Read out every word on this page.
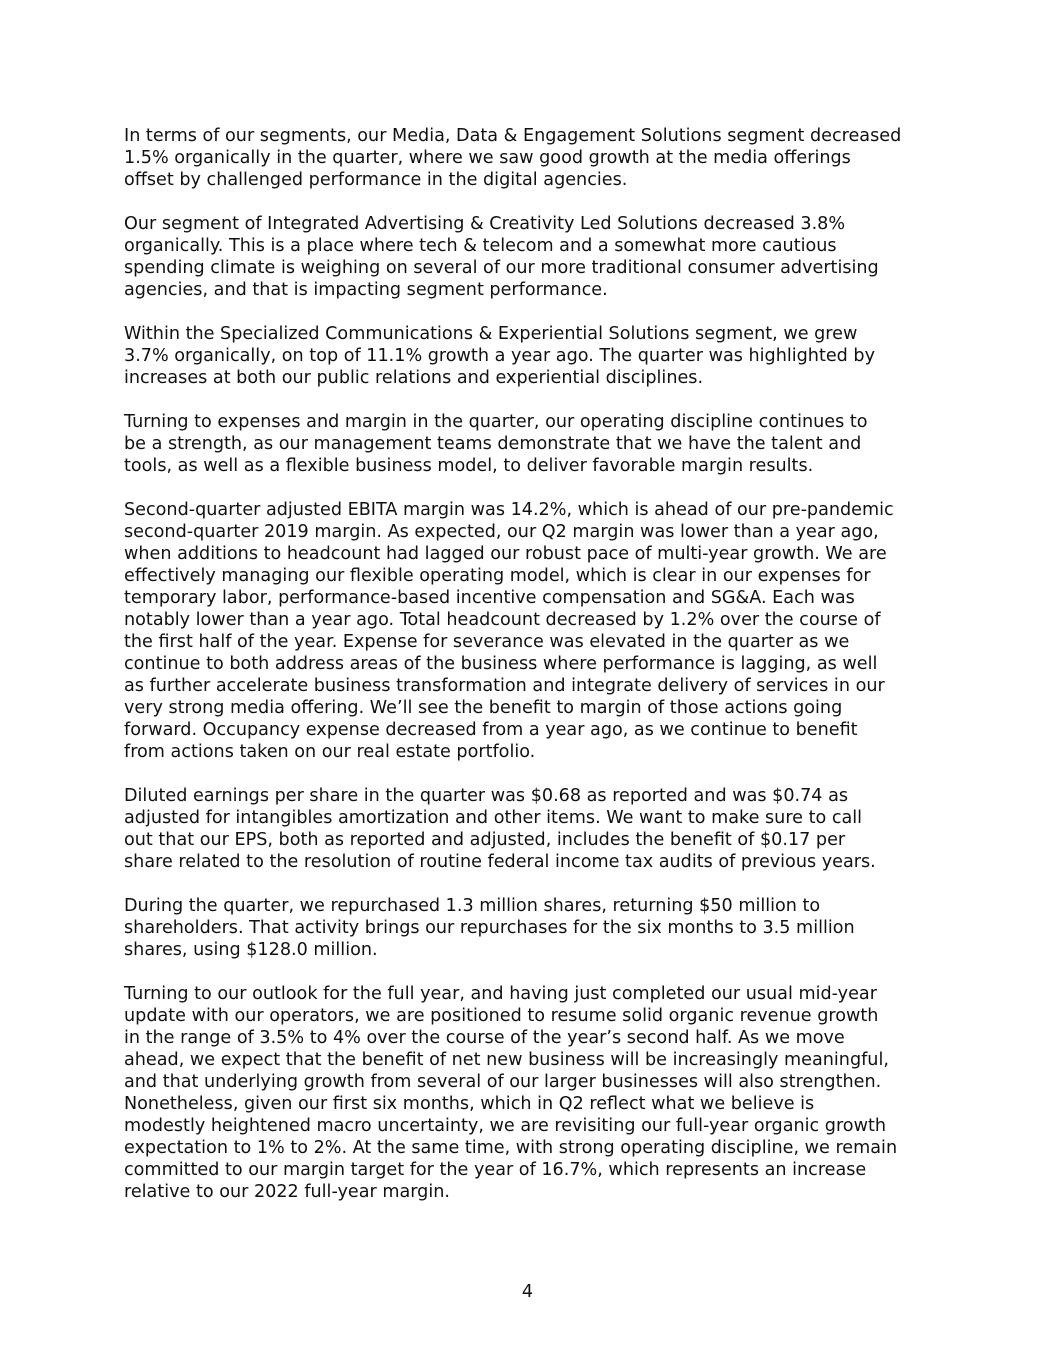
In terms of our segments, our Media, Data & Engagement Solutions segment decreased
1.5% organically in the quarter, where we saw good growth at the media offerings
offset by challenged performance in the digital agencies.

Our segment of Integrated Advertising & Creativity Led Solutions decreased 3.8%
organically. This is a place where tech & telecom and a somewhat more cautious
spending climate is weighing on several of our more traditional consumer advertising
agencies, and that is impacting segment performance.

Within the Specialized Communications & Experiential Solutions segment, we grew
3.7% organically, on top of 11.1% growth a year ago. The quarter was highlighted by
increases at both our public relations and experiential disciplines.

Turning to expenses and margin in the quarter, our operating discipline continues to
be a strength, as our management teams demonstrate that we have the talent and
tools, as well as a flexible business model, to deliver favorable margin results.

Second-quarter adjusted EBITA margin was 14.2%, which is ahead of our pre-pandemic
second-quarter 2019 margin. As expected, our Q2 margin was lower than a year ago,
when additions to headcount had lagged our robust pace of multi-year growth. We are
effectively managing our flexible operating model, which is clear in our expenses for
temporary labor, performance-based incentive compensation and SG&A. Each was
notably lower than a year ago. Total headcount decreased by 1.2% over the course of
the first half of the year. Expense for severance was elevated in the quarter as we
continue to both address areas of the business where performance is lagging, as well
as further accelerate business transformation and integrate delivery of services in our
very strong media offering. We’ll see the benefit to margin of those actions going
forward. Occupancy expense decreased from a year ago, as we continue to benefit
from actions taken on our real estate portfolio.

Diluted earnings per share in the quarter was $0.68 as reported and was $0.74 as
adjusted for intangibles amortization and other items. We want to make sure to call
out that our EPS, both as reported and adjusted, includes the benefit of $0.17 per
share related to the resolution of routine federal income tax audits of previous years.

During the quarter, we repurchased 1.3 million shares, returning $50 million to
shareholders. That activity brings our repurchases for the six months to 3.5 million
shares, using $128.0 million.

Turning to our outlook for the full year, and having just completed our usual mid-year
update with our operators, we are positioned to resume solid organic revenue growth
in the range of 3.5% to 4% over the course of the year’s second half. As we move
ahead, we expect that the benefit of net new business will be increasingly meaningful,
and that underlying growth from several of our larger businesses will also strengthen.
Nonetheless, given our first six months, which in Q2 reflect what we believe is
modestly heightened macro uncertainty, we are revisiting our full-year organic growth
expectation to 1% to 2%. At the same time, with strong operating discipline, we remain
committed to our margin target for the year of 16.7%, which represents an increase
relative to our 2022 full-year margin.

4
